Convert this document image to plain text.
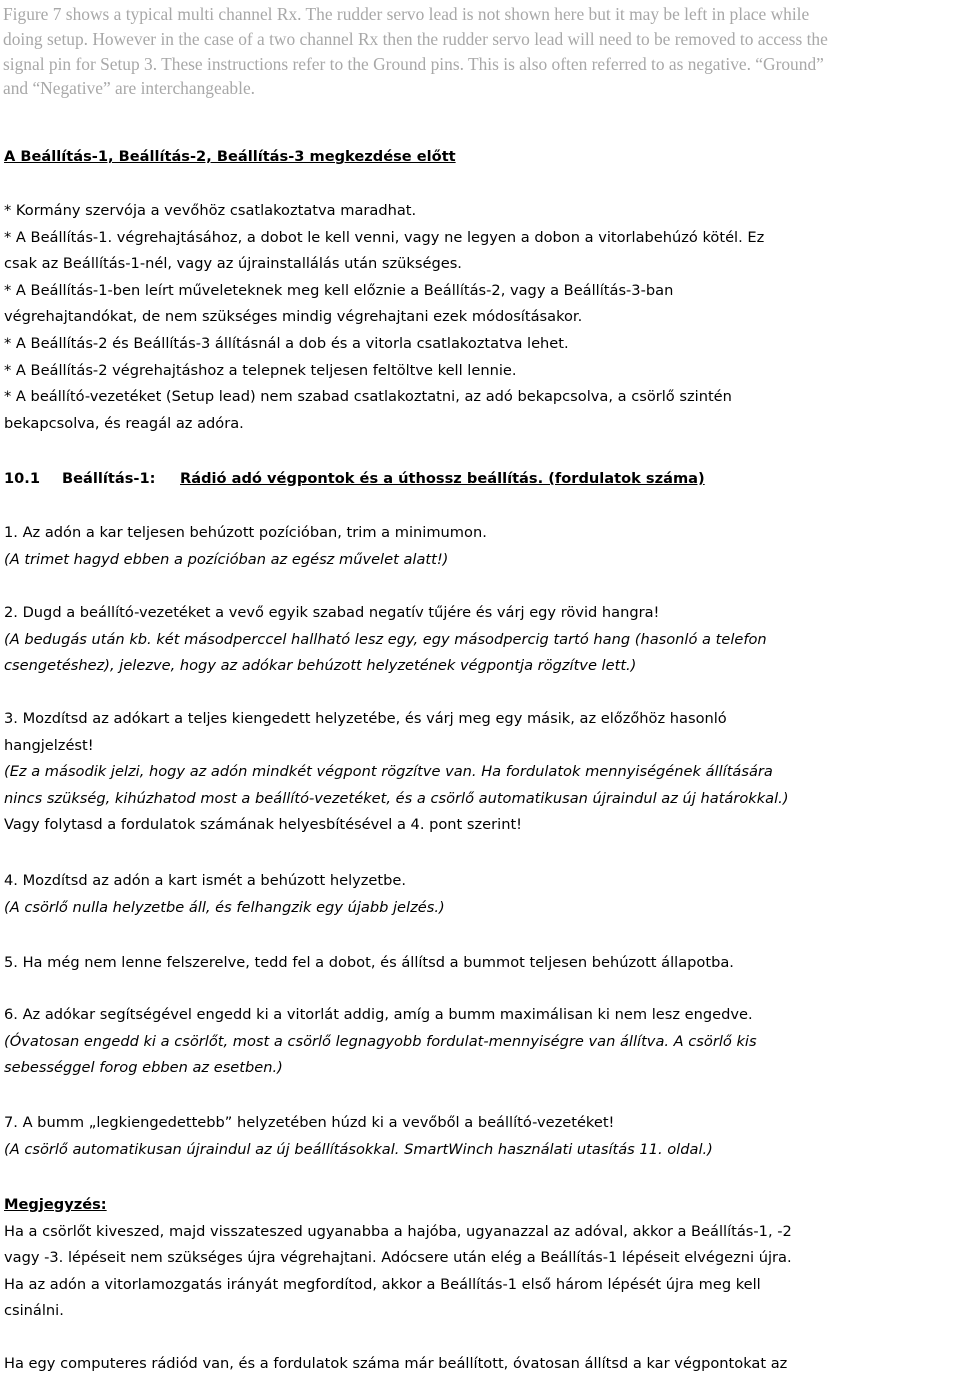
Figure 7 shows a typical multi channel Rx. The rudder servo lead is not shown here but it may be left in place while
doing setup. However in the case of a two channel Rx then the rudder servo lead will need to be removed to access the
signal pin for Setup 3. These instructions refer to the Ground pins. This is also often referred to as negative. “Ground”
and “Negative” are interchangeable.
A Beállítás-1, Beállítás-2, Beállítás-3 megkezdése előtt
* Kormány szervója a vevőhöz csatlakoztatva maradhat.
* A Beállítás-1. végrehajtásához, a dobot le kell venni, vagy ne legyen a dobon a vitorlabehúzó kötél. Ez
csak az Beállítás-1-nél, vagy az újrainstallálás után szükséges.
* A Beállítás-1-ben leírt műveleteknek meg kell előznie a Beállítás-2, vagy a Beállítás-3-ban
végrehajtandókat, de nem szükséges mindig végrehajtani ezek módosításakor.
* A Beállítás-2 és Beállítás-3 állításnál a dob és a vitorla csatlakoztatva lehet.
* A Beállítás-2 végrehajtáshoz a telepnek teljesen feltöltve kell lennie.
* A beállító-vezetéket (Setup lead) nem szabad csatlakoztatni, az adó bekapcsolva, a csörlő szintén
bekapcsolva, és reagál az adóra.
10.1 Beállítás-1: Rádió adó végpontok és a úthossz beállítás. (fordulatok száma)
1. Az adón a kar teljesen behúzott pozícióban, trim a minimumon.
(A trimet hagyd ebben a pozícióban az egész művelet alatt!)
2. Dugd a beállító-vezetéket a vevő egyik szabad negatív tűjére és várj egy rövid hangra!
(A bedugás után kb. két másodperccel hallható lesz egy, egy másodpercig tartó hang (hasonló a telefon
csengetéshez), jelezve, hogy az adókar behúzott helyzetének végpontja rögzítve lett.)
3. Mozdítsd az adókart a teljes kiengedett helyzetébe, és várj meg egy másik, az előzőhöz hasonló
hangjelzést!
(Ez a második jelzi, hogy az adón mindkét végpont rögzítve van. Ha fordulatok mennyiségének állítására
nincs szükség, kihúzhatod most a beállító-vezetéket, és a csörlő automatikusan újraindul az új határokkal.)
Vagy folytasd a fordulatok számának helyesbítésével a 4. pont szerint!
4. Mozdítsd az adón a kart ismét a behúzott helyzetbe.
(A csörlő nulla helyzetbe áll, és felhangzik egy újabb jelzés.)
5. Ha még nem lenne felszerelve, tedd fel a dobot, és állítsd a bummot teljesen behúzott állapotba.
6. Az adókar segítségével engedd ki a vitorlát addig, amíg a bumm maximálisan ki nem lesz engedve.
(Óvatosan engedd ki a csörlőt, most a csörlő legnagyobb fordulat-mennyiségre van állítva. A csörlő kis
sebességgel forog ebben az esetben.)
7. A bumm „legkiengedettebb” helyzetében húzd ki a vevőből a beállító-vezetéket!
(A csörlő automatikusan újraindul az új beállításokkal. SmartWinch használati utasítás 11. oldal.)
Megjegyzés:
Ha a csörlőt kiveszed, majd visszateszed ugyanabba a hajóba, ugyanazzal az adóval, akkor a Beállítás-1, -2
vagy -3. lépéseit nem szükséges újra végrehajtani. Adócsere után elég a Beállítás-1 lépéseit elvégezni újra.
Ha az adón a vitorlamozgatás irányát megfordítod, akkor a Beállítás-1 első három lépését újra meg kell
csinálni.
Ha egy computeres rádiód van, és a fordulatok száma már beállított, óvatosan állítsd a kar végpontokat az
